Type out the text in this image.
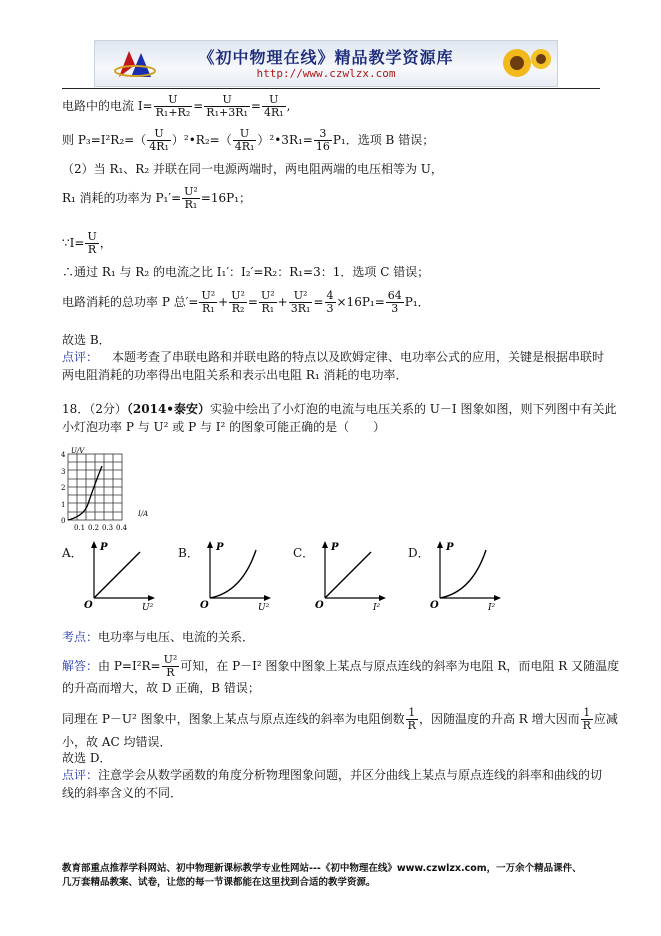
《初中物理在线》精品教学资源库
http://www.czwlzx.com
电路中的电流 $I= \frac{U}{\text{R₁+R₂}} = \frac{U}{\text{R₁+3R₁}} = \frac{U}{\text{4R₁}}$ ,
则 $P_3=I^2R_2=( \frac{U}{\text{4R₁}}$ ）²•R₂=（ $\frac{U}{\text{4R₁}}$ ）²•3R₁= $\frac{3}{16} P_1$．选项 B 错误；
（2）当 R₁、R₂ 并联在同一电源两端时，两电阻两端的电压相等为 U，
R₁ 消耗的功率为 $P_1'= \frac{\text{U²}}{\text{R₁}} =16P_1$；
∵I= $\frac{U}{R}$ ，
∴通过 R₁ 与 R₂ 的电流之比 I₁′：I₂′=R₂：R₁=3：1．选项 C 错误；
电路消耗的总功率 P 总′= $\frac{\text{U²}}{\text{R₁}} + \frac{\text{U²}}{\text{R₂}} = \frac{\text{U²}}{\text{R₁}} + \frac{\text{U²}}{\text{3R₁}} = \frac{4}{3} \times 16P_1= \frac{64}{3} P_1$．
故选 B．
点评： 本题考查了串联电路和并联电路的特点以及欧姆定律、电功率公式的应用，关键是根据串联时
两电阻消耗的功率得出电阻关系和表示出电阻 R₁ 消耗的电功率．
18．（2分）（2014•泰安）实验中绘出了小灯泡的电流与电压关系的 U－I 图象如图，则下列图中有关此
小灯泡功率 P 与 U² 或 P 与 I² 的图象可能正确的是（　　）
U/V
4
3
2
1
0
0.1 0.2 0.3 0.4
I/A
A． P
U²
O
B． P
U²
O
C． P
I²
O
D． P
I²
O
考点：电功率与电压、电流的关系．
解答：由 $P=I^2R= \frac{\text{U²}}{R}$ 可知，在 P－I² 图象中图象上某点与原点连线的斜率为电阻 R，而电阻 R 又随温度
的升高而增大，故 D 正确，B 错误；
同理在 P－U² 图象中，图象上某点与原点连线的斜率为电阻倒数 $\frac{1}{R}$ ，因随温度的升高 R 增大因而 $\frac{1}{R}$ 应减
小，故 AC 均错误．
故选 D．
点评：注意学会从数学函数的角度分析物理图象问题，并区分曲线上某点与原点连线的斜率和曲线的切
线的斜率含义的不同．
教育部重点推荐学科网站、初中物理新课标教学专业性网站---《初中物理在线》www.czwlzx.com，一万余个精品课件、
几万套精品教案、试卷，让您的每一节课都能在这里找到合适的教学资源。
